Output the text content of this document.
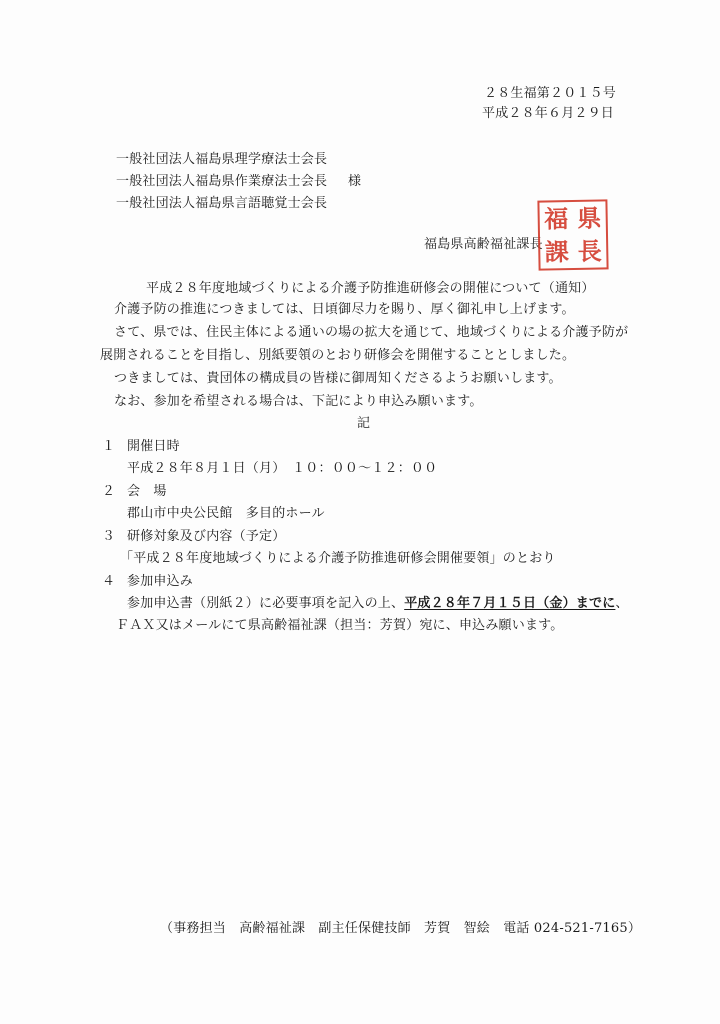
２８生福第２０１５号
平成２８年６月２９日
一般社団法人福島県理学療法士会長
一般社団法人福島県作業療法士会長 様
一般社団法人福島県言語聴覚士会長
福島県高齢福祉課長
福 県
課 長
平成２８年度地域づくりによる介護予防推進研修会の開催について（通知）
介護予防の推進につきましては、日頃御尽力を賜り、厚く御礼申し上げます。
さて、県では、住民主体による通いの場の拡大を通じて、地域づくりによる介護予防が
展開されることを目指し、別紙要領のとおり研修会を開催することとしました。
つきましては、貴団体の構成員の皆様に御周知くださるようお願いします。
なお、参加を希望される場合は、下記により申込み願います。
記
１ 開催日時
平成２８年８月１日（月）　１０：００～１２：００
２ 会　場
郡山市中央公民館　多目的ホール
３ 研修対象及び内容（予定）
「平成２８年度地域づくりによる介護予防推進研修会開催要領」のとおり
４ 参加申込み
参加申込書（別紙２）に必要事項を記入の上、平成２８年７月１５日（金）までに、
ＦＡＸ又はメールにて県高齢福祉課（担当：芳賀）宛に、申込み願います。
（事務担当　高齢福祉課　副主任保健技師　芳賀　智絵　電話 024-521-7165）
